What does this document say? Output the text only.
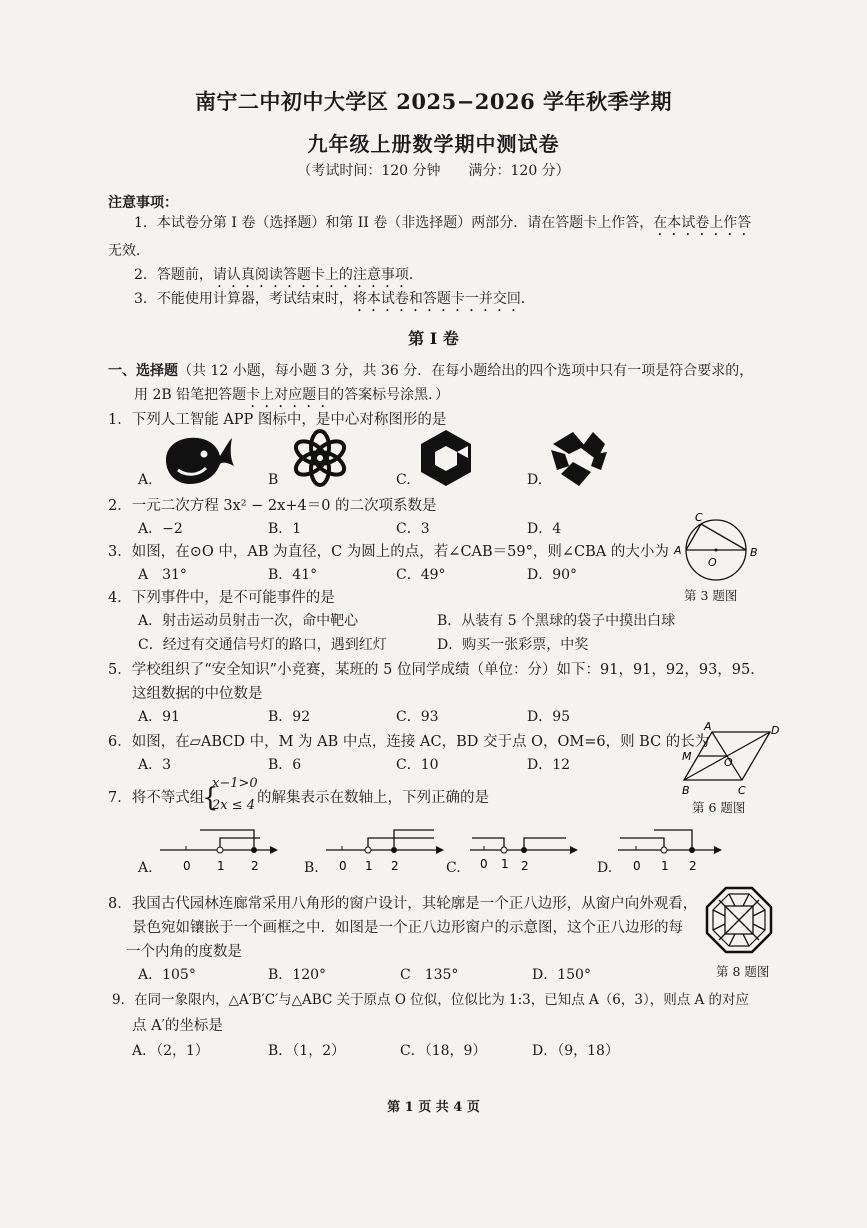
南宁二中初中大学区 2025−2026 学年秋季学期
九年级上册数学期中测试卷
（考试时间：120 分钟　　满分：120 分）
注意事项：
1．本试卷分第 I 卷（选择题）和第 II 卷（非选择题）两部分．请在答题卡上作答，在本试卷上作答
无效．
2．答题前，请认真阅读答题卡上的注意事项．
3．不能使用计算器，考试结束时，将本试卷和答题卡一并交回．
第 I 卷
一、选择题（共 12 小题，每小题 3 分，共 36 分．在每小题给出的四个选项中只有一项是符合要求的，
用 2B 铅笔把答题卡上对应题目的答案标号涂黑．）
1．下列人工智能 APP 图标中，是中心对称图形的是
A.	B	C.	D.
2．一元二次方程 3x² − 2x+4＝0 的二次项系数是
A．−2	B．1	C．3	D．4
C
A	B
O
第 3 题图
3．如图，在⊙O 中，AB 为直径，C 为圆上的点，若∠CAB＝59°，则∠CBA 的大小为
A　31°	B．41°	C．49°	D．90°
4．下列事件中，是不可能事件的是
A．射击运动员射击一次，命中靶心	B．从装有 5 个黑球的袋子中摸出白球
C．经过有交通信号灯的路口，遇到红灯	D．购买一张彩票，中奖
5．学校组织了“安全知识”小竞赛，某班的 5 位同学成绩（单位：分）如下：91，91，92，93，95．
这组数据的中位数是
A．91	B．92	C．93	D．95
A	D
B	C
M	O
第 6 题图
6．如图，在▱ABCD 中，M 为 AB 中点，连接 AC，BD 交于点 O，OM=6，则 BC 的长为
A．3	B．6	C．10	D．12
7．将不等式组
{
x−1>0
2x ≤ 4 的解集表示在数轴上，下列正确的是
0 1 2	0 1 2	0 1 2	0 1 2
A.	B.	C.	D.
第 8 题图
8．我国古代园林连廊常采用八角形的窗户设计，其轮廓是一个正八边形，从窗户向外观看，
景色宛如镶嵌于一个画框之中．如图是一个正八边形窗户的示意图，这个正八边形的每
一个内角的度数是
A．105°	B．120°	C　135°	D．150°
9．在同一象限内，△A′B′C′与△ABC 关于原点 O 位似，位似比为 1:3，已知点 A（6，3），则点 A 的对应
点 A′的坐标是
A．（2，1）	B．（1，2）	C．（18，9）	D．（9，18）
第 1 页 共 4 页
